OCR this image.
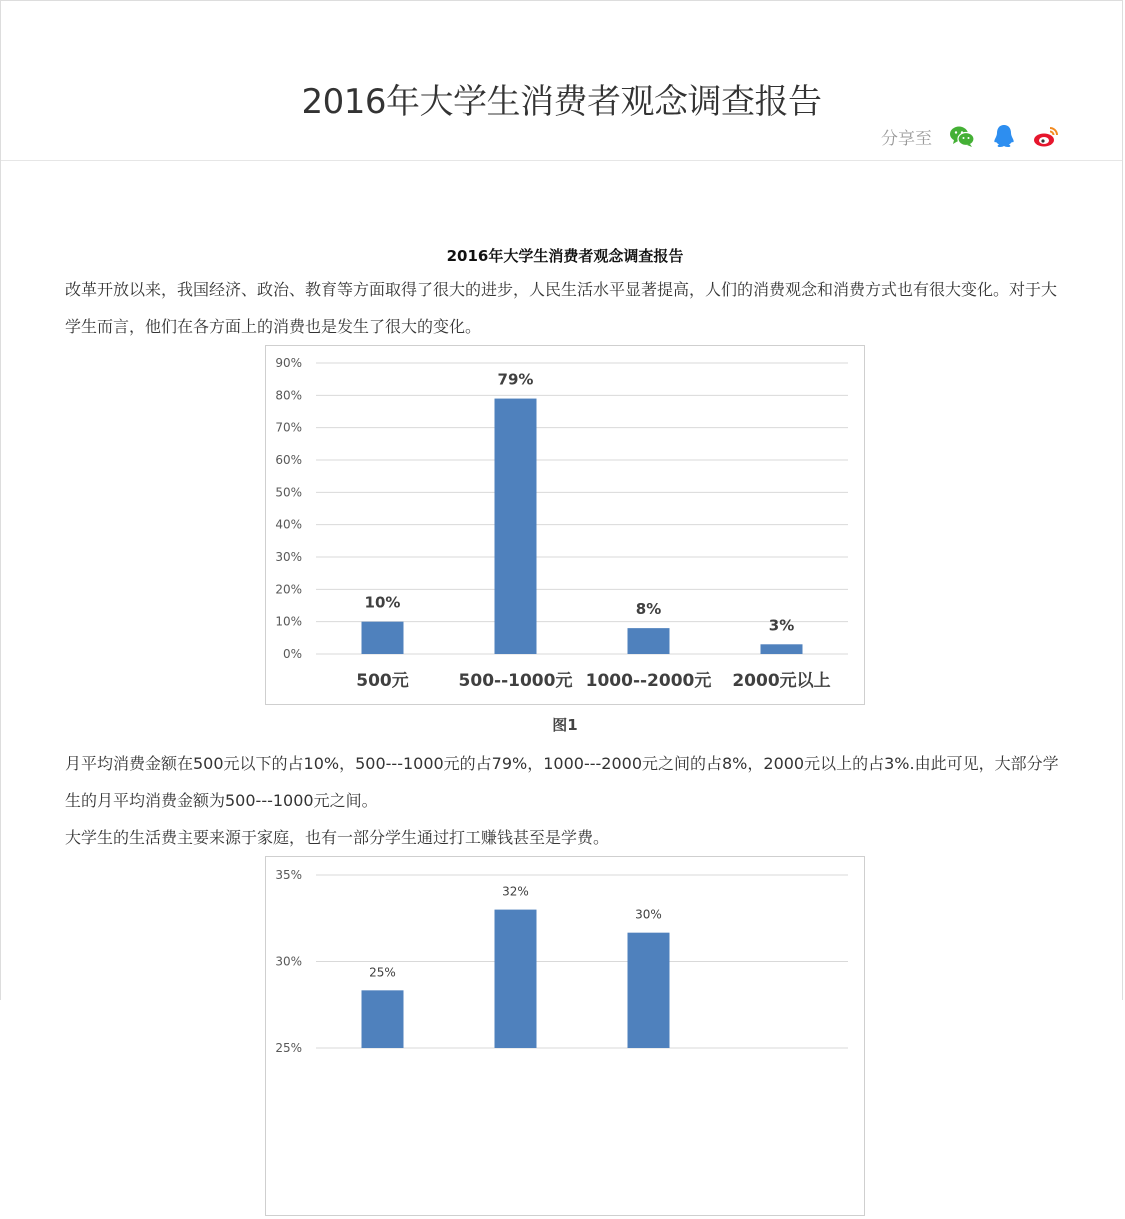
2016年大学生消费者观念调查报告
分享至
2016年大学生消费者观念调查报告

改革开放以来，我国经济、政治、教育等方面取得了很大的进步，人民生活水平显著提高，人们的消费观念和消费方式也有很大变化。对于大学生而言，他们在各方面上的消费也是发生了很大的变化。

0%
10%
20%
30%
40%
50%
60%
70%
80%
90%
10%
79%
8%
3%
500元	500--1000元 1000--2000元 2000元以上
图1

月平均消费金额在500元以下的占10%，500---1000元的占79%，1000---2000元之间的占8%，2000元以上的占3%.由此可见，大部分学生的月平均消费金额为500---1000元之间。

大学生的生活费主要来源于家庭，也有一部分学生通过打工赚钱甚至是学费。

25%
30%
35%
25%
32%
30%
